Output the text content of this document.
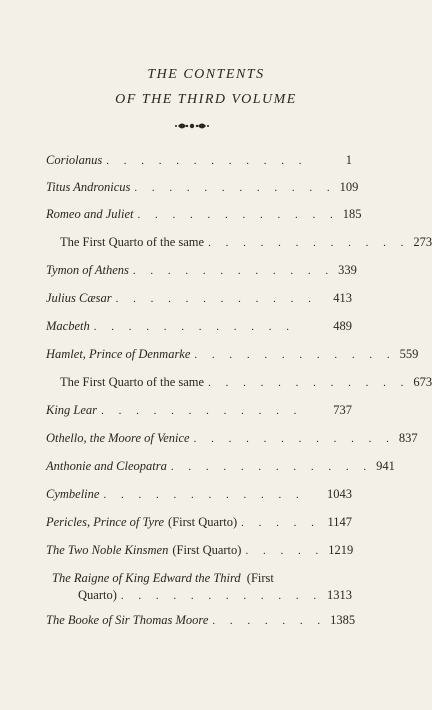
THE CONTENTS
OF THE THIRD VOLUME
Coriolanus . . . . . . . . . . . .	1
Titus Andronicus . . . . . . . . . . . . 109
Romeo and Juliet . . . . . . . . . . . . 185
The First Quarto of the same . . . . . . . . . . . . 273
Tymon of Athens . . . . . . . . . . . . 339
Julius Cæsar . . . . . . . . . . . .	413
Macbeth . . . . . . . . . . . .	489
Hamlet, Prince of Denmarke . . . . . . . . . . . . 559
The First Quarto of the same . . . . . . . . . . . . 673
King Lear . . . . . . . . . . . .	737
Othello, the Moore of Venice . . . . . . . . . . . . 837
Anthonie and Cleopatra . . . . . . . . . . . . 941
Cymbeline . . . . . . . . . . . .	1043
Pericles, Prince of Tyre (First Quarto) . . . . . 1147
The Two Noble Kinsmen (First Quarto) . . . . . 1219
The Raigne of King Edward the Third (First
Quarto) . . . . . . . . . . . . 1313
The Booke of Sir Thomas Moore . . . . . . . 1385
